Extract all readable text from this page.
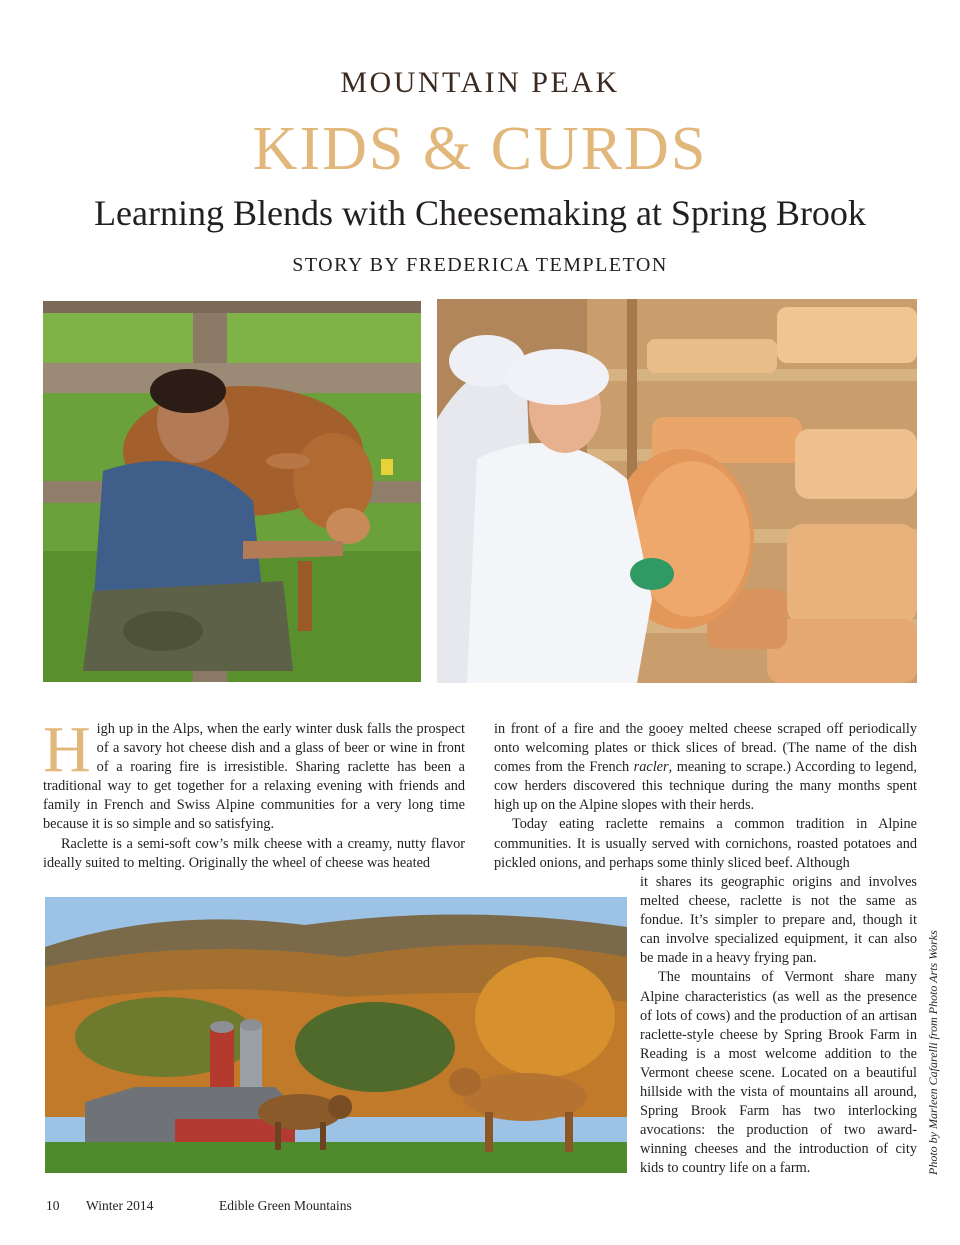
MOUNTAIN PEAK
KIDS & CURDS
Learning Blends with Cheesemaking at Spring Brook
STORY BY FREDERICA TEMPLETON

High up in the Alps, when the early winter dusk falls the prospect of a savory hot cheese dish and a glass of beer or wine in front of a roaring fire is irresistible. Sharing raclette has been a traditional way to get together for a relaxing evening with friends and family in French and Swiss Alpine communities for a very long time because it is so simple and so satisfying.

Raclette is a semi-soft cow’s milk cheese with a creamy, nutty flavor ideally suited to melting. Originally the wheel of cheese was heated

in front of a fire and the gooey melted cheese scraped off periodically onto welcoming plates or thick slices of bread. (The name of the dish comes from the French racler, meaning to scrape.) According to legend, cow herders discovered this technique during the many months spent high up on the Alpine slopes with their herds.

Today eating raclette remains a common tradition in Alpine communities. It is usually served with cornichons, roasted potatoes and pickled onions, and perhaps some thinly sliced beef. Although

it shares its geographic origins and involves melted cheese, raclette is not the same as fondue. It’s simpler to prepare and, though it can involve specialized equipment, it can also be made in a heavy frying pan.

The mountains of Vermont share many Alpine characteristics (as well as the presence of lots of cows) and the production of an artisan raclette-style cheese by Spring Brook Farm in Reading is a most welcome addition to the Vermont cheese scene. Located on a beautiful hillside with the vista of mountains all around, Spring Brook Farm has two interlocking avocations: the production of two award-winning cheeses and the introduction of city kids to country life on a farm.	Photo by Marleen Cafarelli from Photo Arts Works
10 Winter 2014	Edible Green Mountains
